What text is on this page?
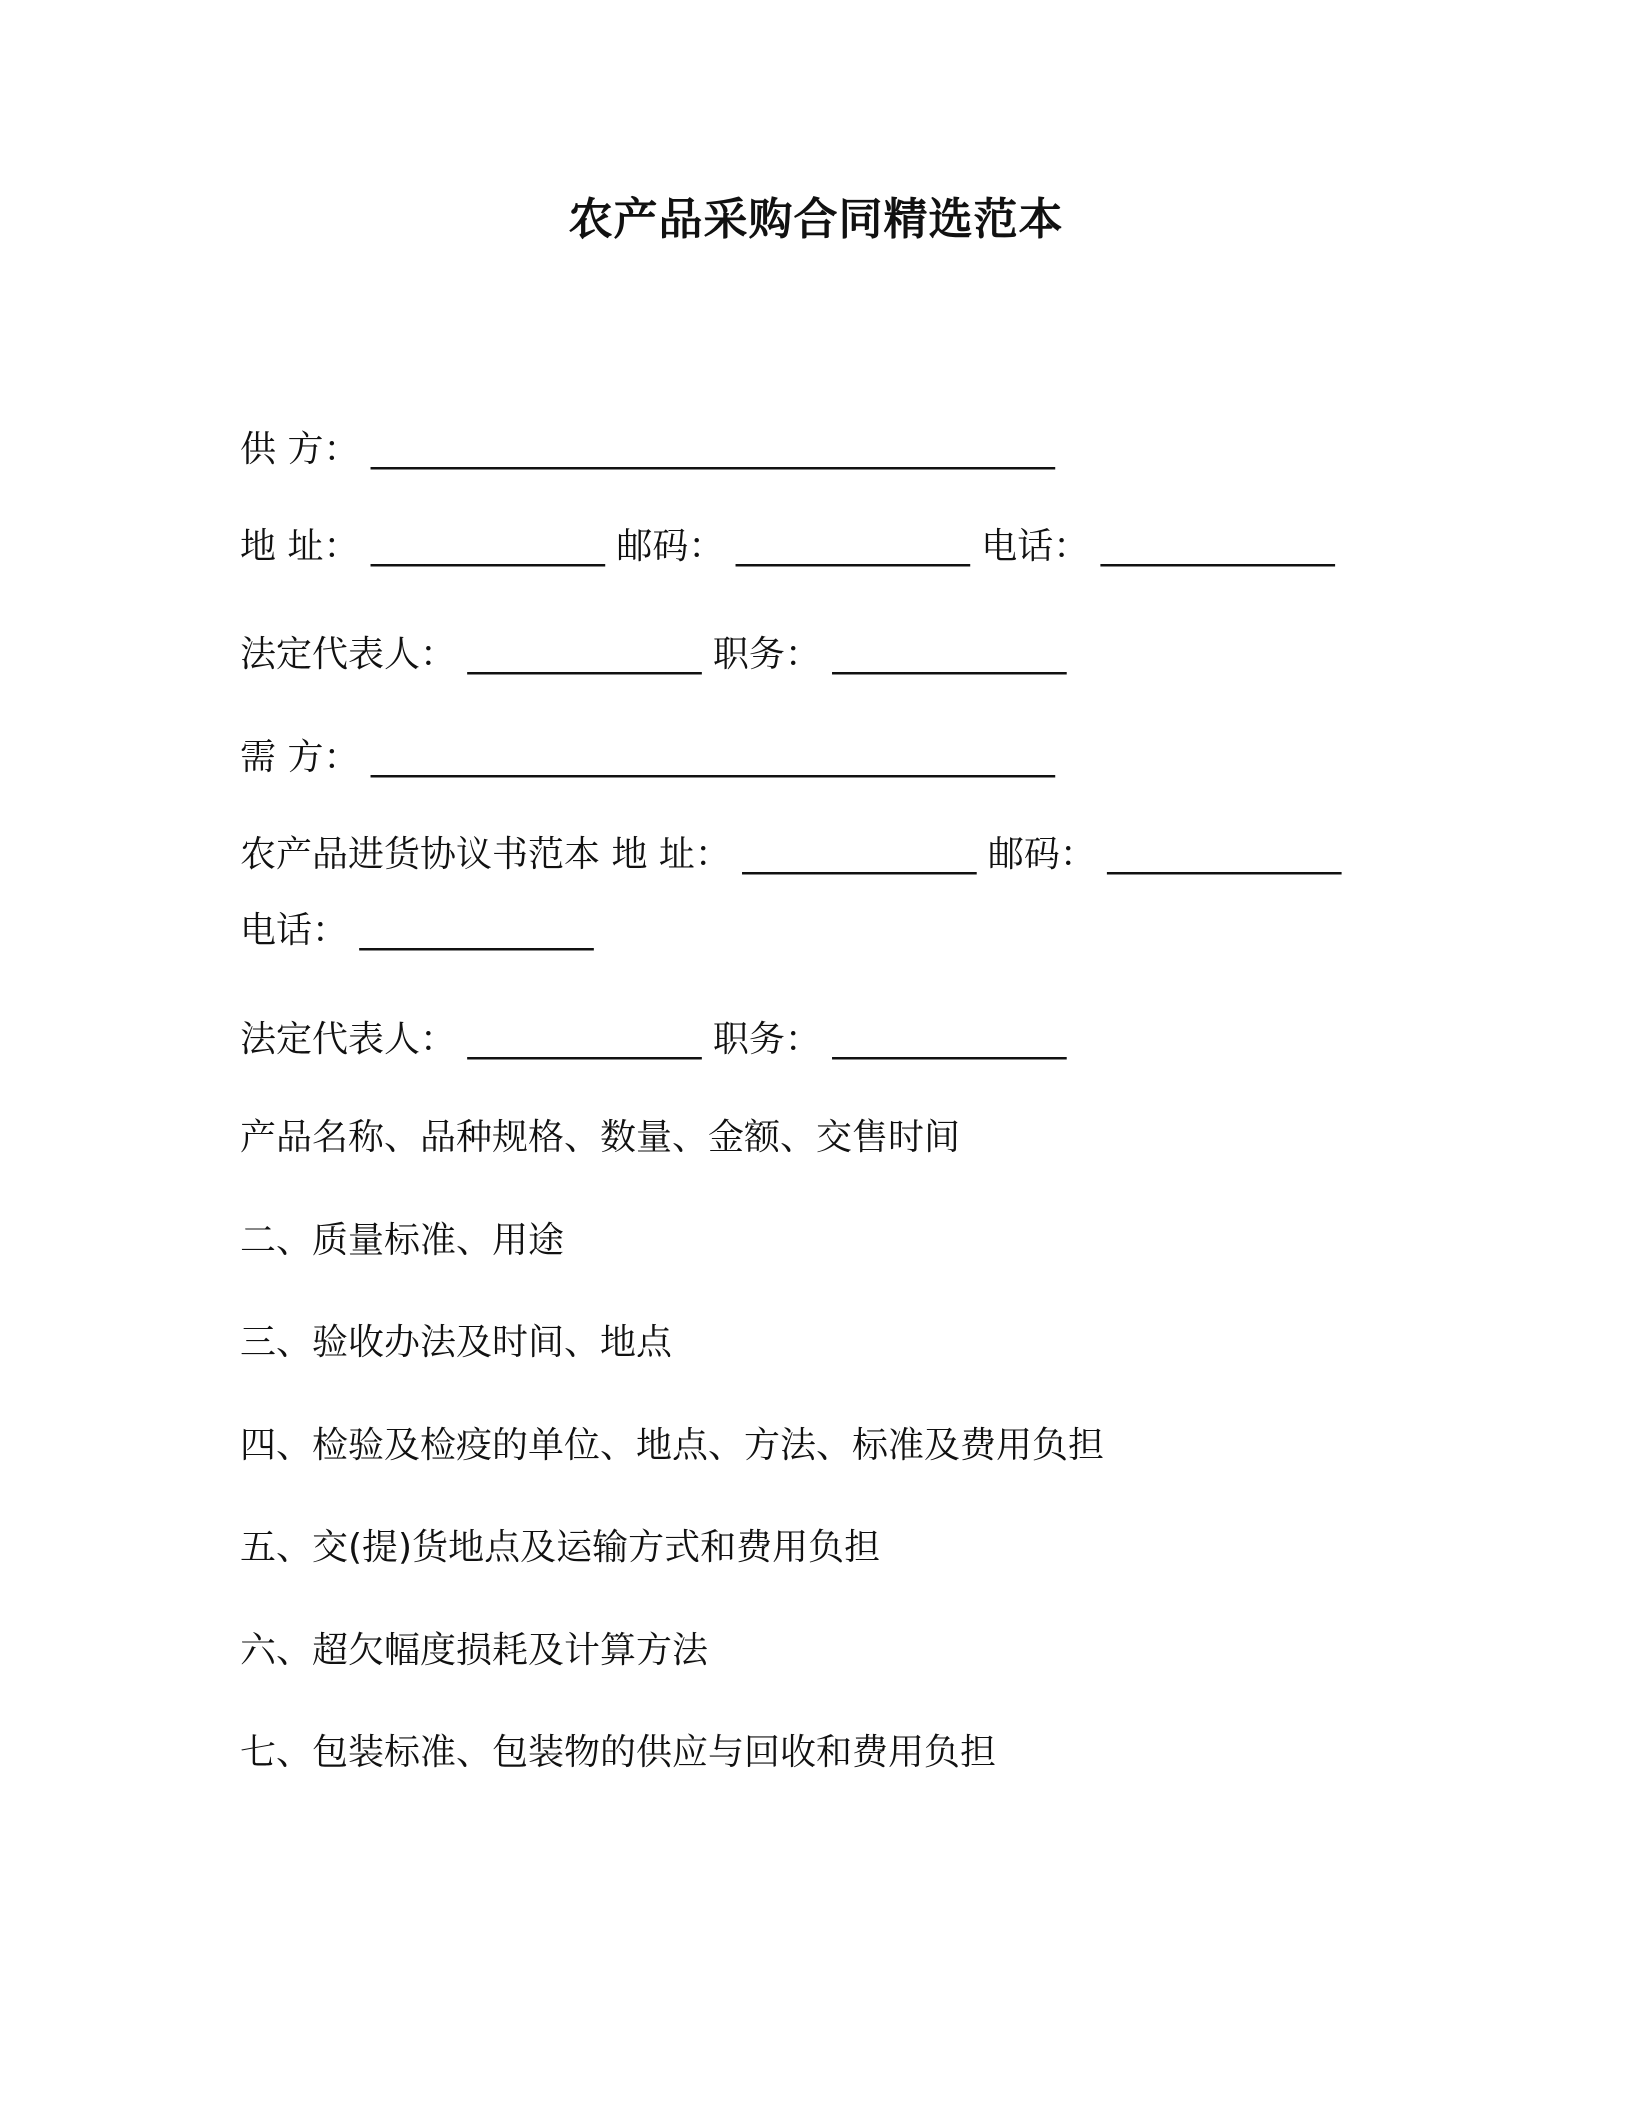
农产品采购合同精选范本
供 方： ______________________________________
地 址： _____________ 邮码： _____________ 电话： _____________
法定代表人： _____________ 职务： _____________
需 方： ______________________________________
农产品进货协议书范本 地 址： _____________ 邮码： _____________
电话： _____________
法定代表人： _____________ 职务： _____________
产品名称、品种规格、数量、金额、交售时间
二、质量标准、用途
三、验收办法及时间、地点
四、检验及检疫的单位、地点、方法、标准及费用负担
五、交(提)货地点及运输方式和费用负担
六、超欠幅度损耗及计算方法
七、包装标准、包装物的供应与回收和费用负担
